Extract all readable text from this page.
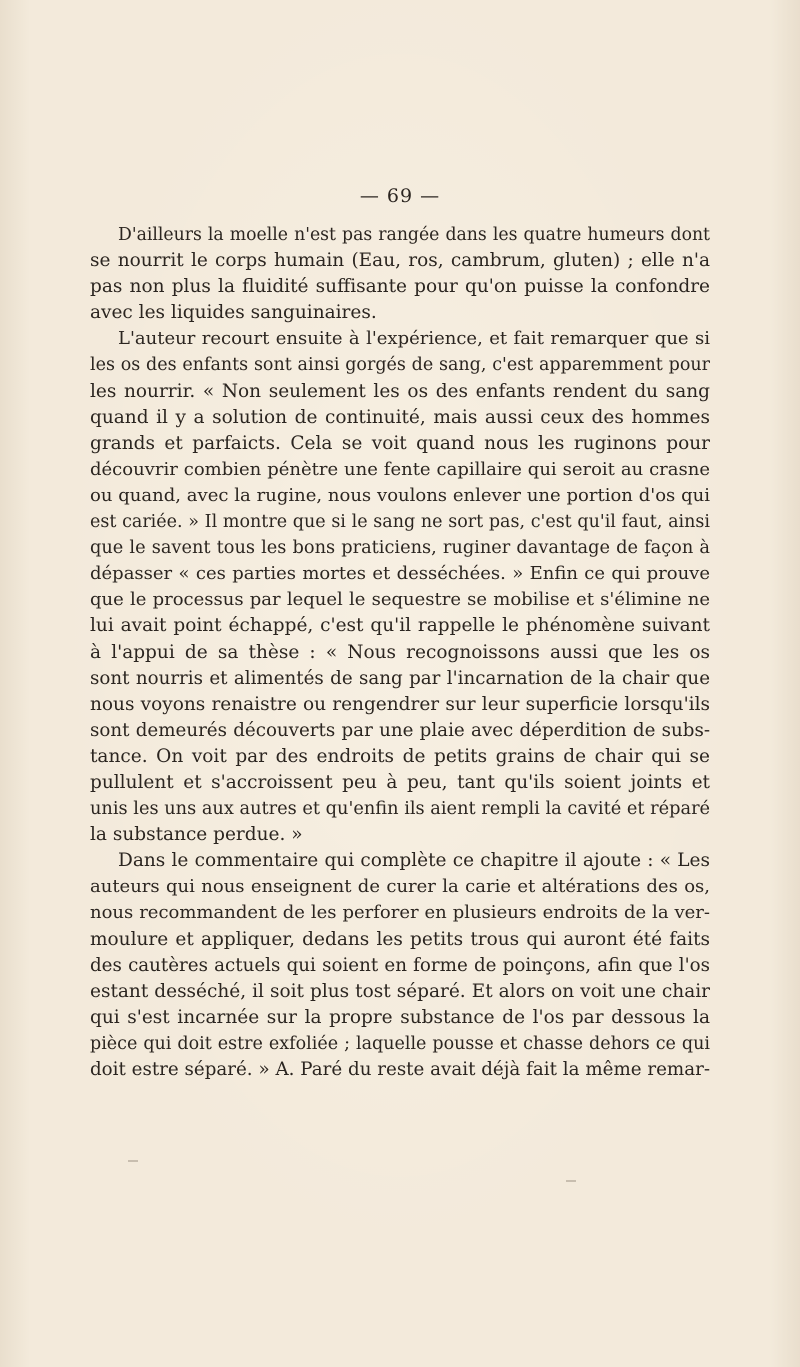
— 69 —
D'ailleurs la moelle n'est pas rangée dans les quatre humeurs dont
se nourrit le corps humain (Eau, ros, cambrum, gluten) ; elle n'a
pas non plus la fluidité suffisante pour qu'on puisse la confondre
avec les liquides sanguinaires.
L'auteur recourt ensuite à l'expérience, et fait remarquer que si
les os des enfants sont ainsi gorgés de sang, c'est apparemment pour
les nourrir. « Non seulement les os des enfants rendent du sang
quand il y a solution de continuité, mais aussi ceux des hommes
grands et parfaicts. Cela se voit quand nous les ruginons pour
découvrir combien pénètre une fente capillaire qui seroit au crasne
ou quand, avec la rugine, nous voulons enlever une portion d'os qui
est cariée. » Il montre que si le sang ne sort pas, c'est qu'il faut, ainsi
que le savent tous les bons praticiens, ruginer davantage de façon à
dépasser « ces parties mortes et desséchées. » Enfin ce qui prouve
que le processus par lequel le sequestre se mobilise et s'élimine ne
lui avait point échappé, c'est qu'il rappelle le phénomène suivant
à l'appui de sa thèse : « Nous recognoissons aussi que les os
sont nourris et alimentés de sang par l'incarnation de la chair que
nous voyons renaistre ou rengendrer sur leur superficie lorsqu'ils
sont demeurés découverts par une plaie avec déperdition de subs-
tance. On voit par des endroits de petits grains de chair qui se
pullulent et s'accroissent peu à peu, tant qu'ils soient joints et
unis les uns aux autres et qu'enfin ils aient rempli la cavité et réparé
la substance perdue. »
Dans le commentaire qui complète ce chapitre il ajoute : « Les
auteurs qui nous enseignent de curer la carie et altérations des os,
nous recommandent de les perforer en plusieurs endroits de la ver-
moulure et appliquer, dedans les petits trous qui auront été faits
des cautères actuels qui soient en forme de poinçons, afin que l'os
estant desséché, il soit plus tost séparé. Et alors on voit une chair
qui s'est incarnée sur la propre substance de l'os par dessous la
pièce qui doit estre exfoliée ; laquelle pousse et chasse dehors ce qui
doit estre séparé. » A. Paré du reste avait déjà fait la même remar-
